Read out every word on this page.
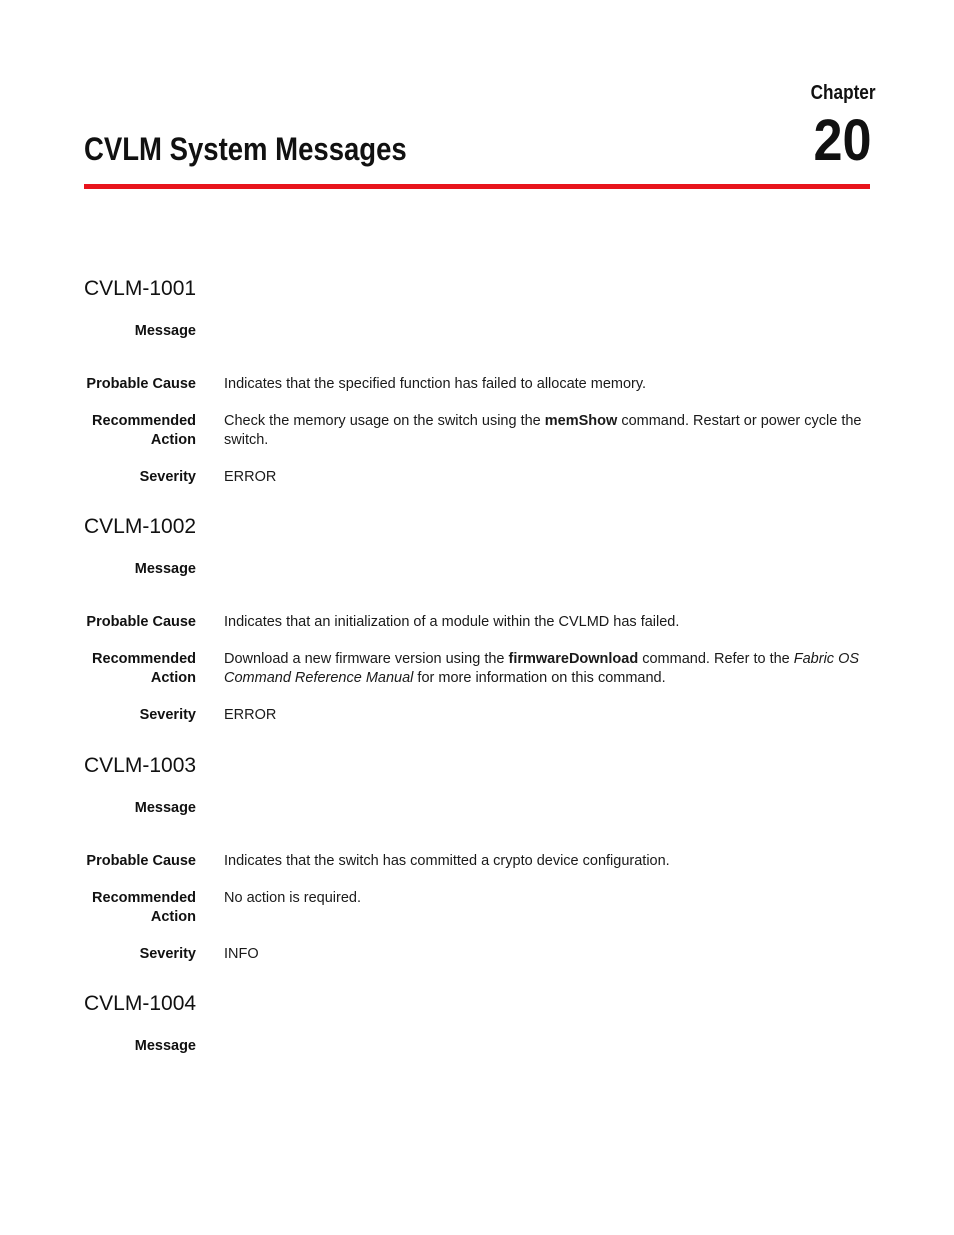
Chapter
20
CVLM System Messages
CVLM-1001
Message
Probable Cause Indicates that the specified function has failed to allocate memory.
Recommended
Action
Check the memory usage on the switch using the memShow command. Restart or power cycle the switch.
Severity ERROR
CVLM-1002
Message
Probable Cause Indicates that an initialization of a module within the CVLMD has failed.
Recommended
Action
Download a new firmware version using the firmwareDownload command. Refer to the Fabric OS Command Reference Manual for more information on this command.
Severity ERROR
CVLM-1003
Message
Probable Cause Indicates that the switch has committed a crypto device configuration.
Recommended
Action
No action is required.
Severity INFO
CVLM-1004
Message
